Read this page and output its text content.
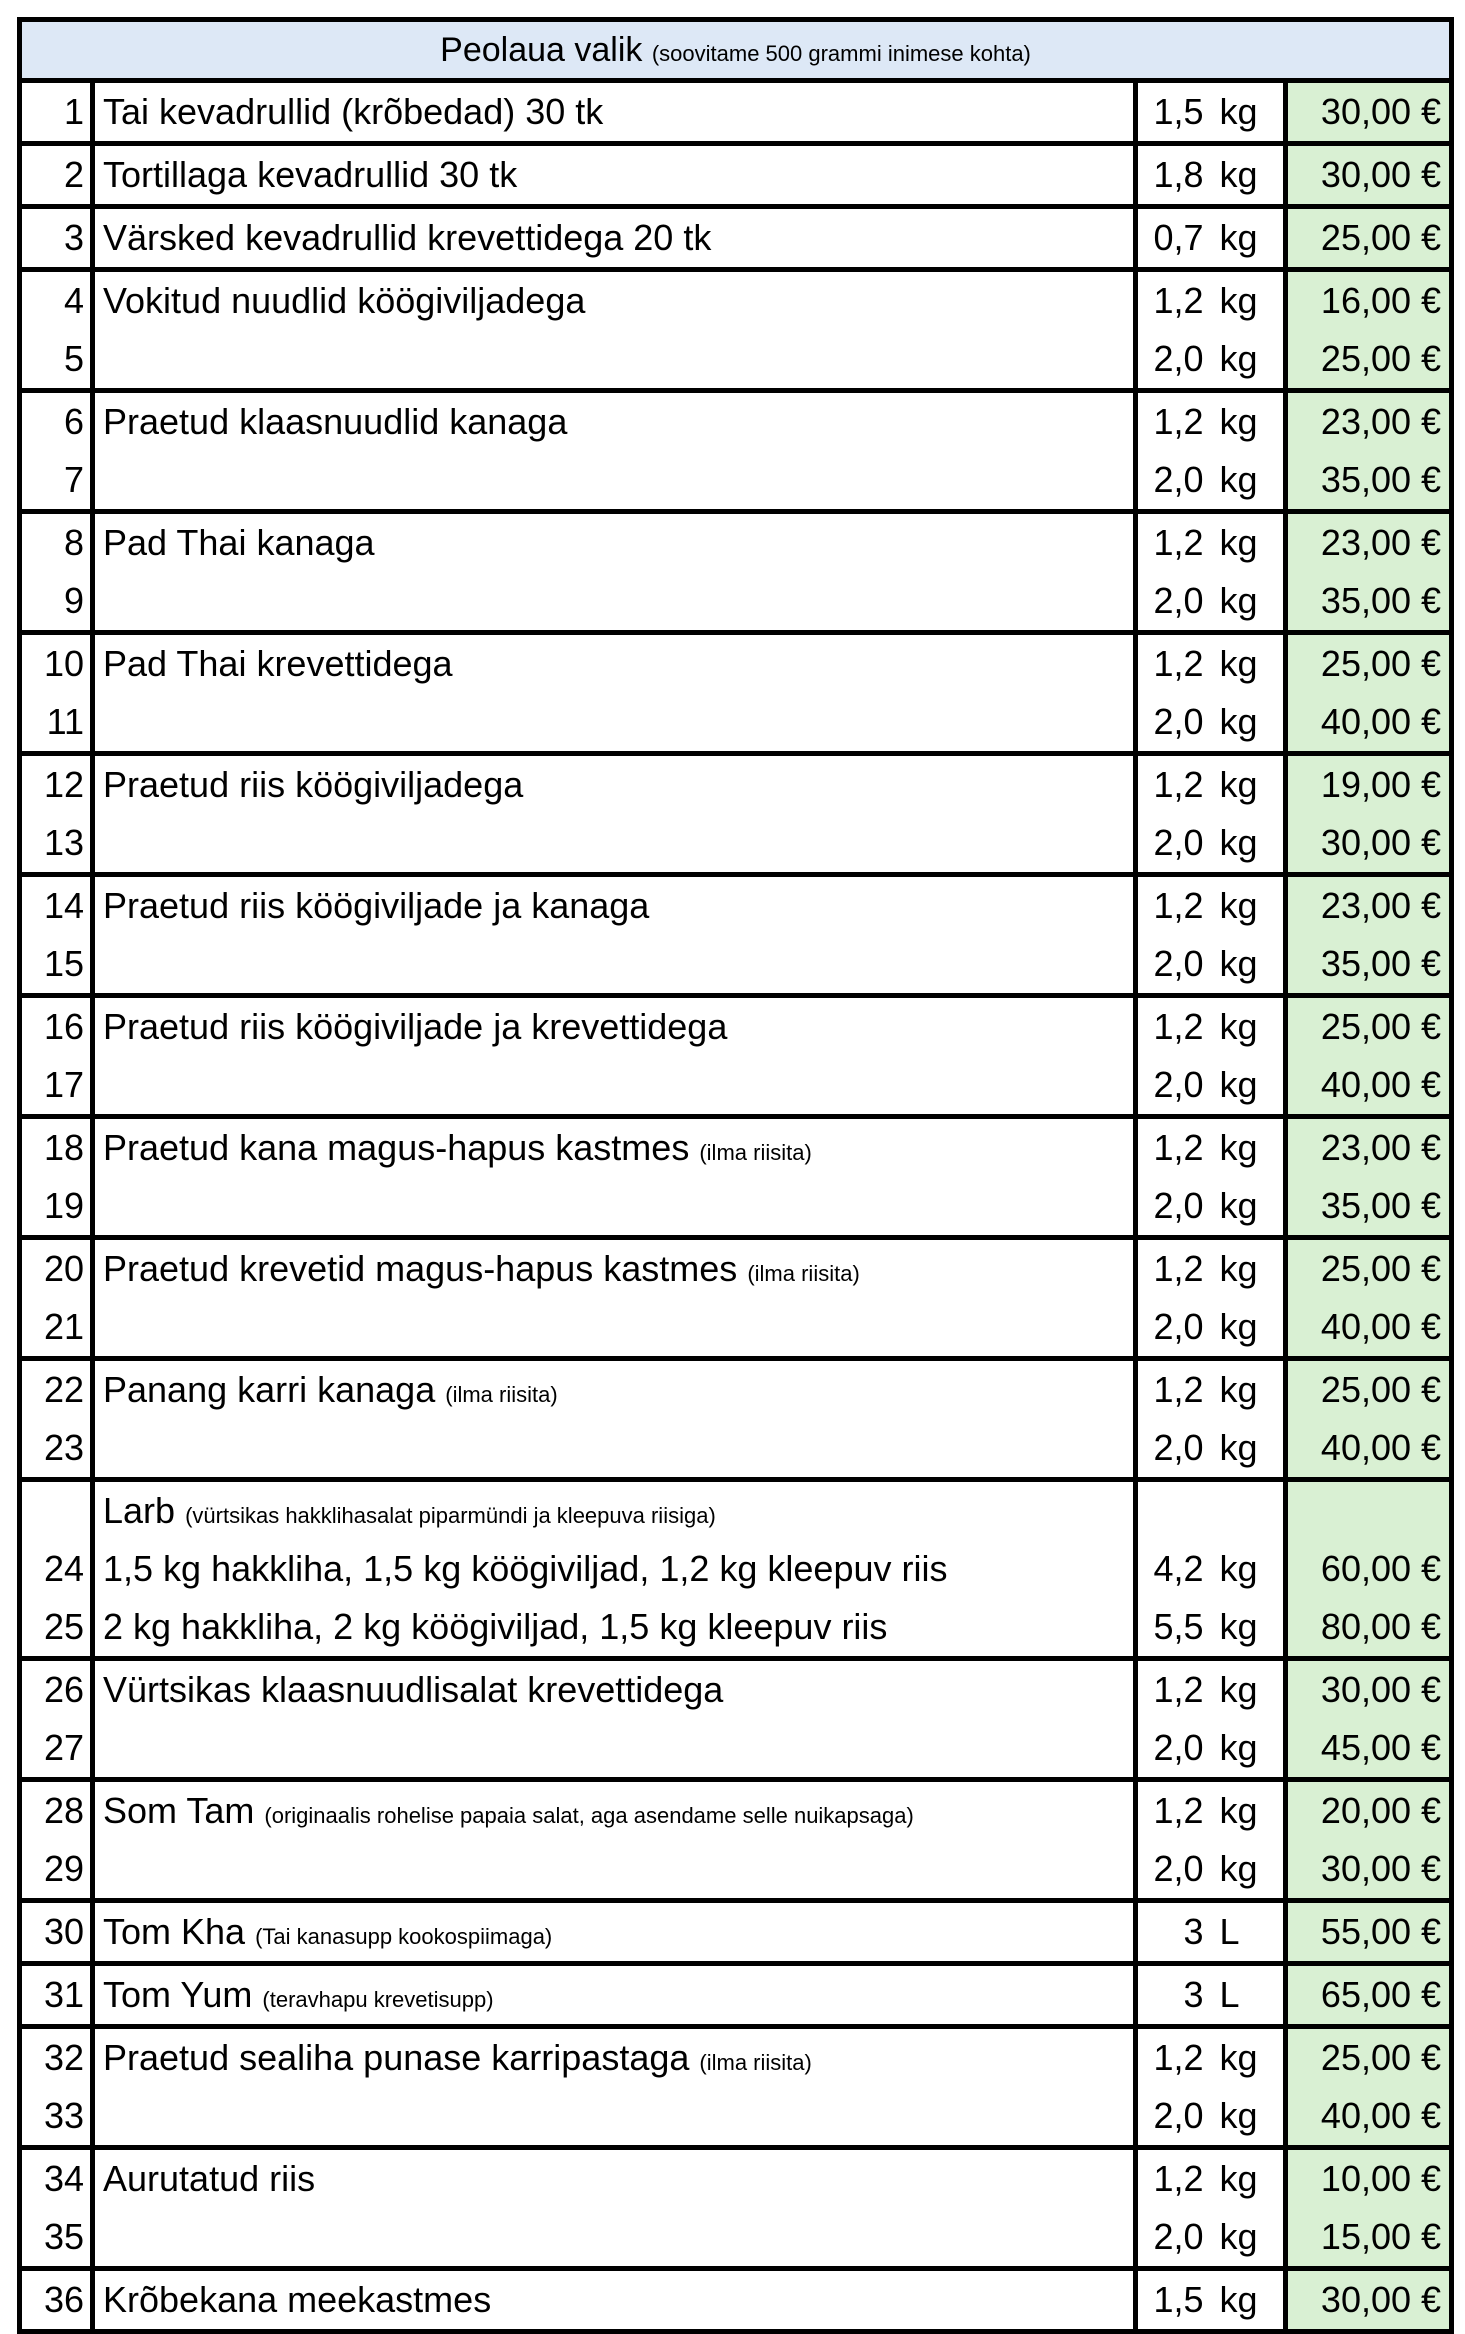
Peolaua valik (soovitame 500 grammi inimese kohta)				
1	Tai kevadrullid (krõbedad) 30 tk	1,5	kg	30,00 €
2	Tortillaga kevadrullid 30 tk	1,8	kg	30,00 €
3	Värsked kevadrullid krevettidega 20 tk	0,7	kg	25,00 €
4	Vokitud nuudlid köögiviljadega	1,2	kg	16,00 €
5		2,0	kg	25,00 €
6	Praetud klaasnuudlid kanaga	1,2	kg	23,00 €
7		2,0	kg	35,00 €
8	Pad Thai kanaga	1,2	kg	23,00 €
9		2,0	kg	35,00 €
10	Pad Thai krevettidega	1,2	kg	25,00 €
11		2,0	kg	40,00 €
12	Praetud riis köögiviljadega	1,2	kg	19,00 €
13		2,0	kg	30,00 €
14	Praetud riis köögiviljade ja kanaga	1,2	kg	23,00 €
15		2,0	kg	35,00 €
16	Praetud riis köögiviljade ja krevettidega	1,2	kg	25,00 €
17		2,0	kg	40,00 €
18	Praetud kana magus-hapus kastmes (ilma riisita)	1,2	kg	23,00 €
19		2,0	kg	35,00 €
20	Praetud krevetid magus-hapus kastmes (ilma riisita)	1,2	kg	25,00 €
21		2,0	kg	40,00 €
22	Panang karri kanaga (ilma riisita)	1,2	kg	25,00 €
23		2,0	kg	40,00 €
	Larb (vürtsikas hakklihasalat piparmündi ja kleepuva riisiga)			
24	1,5 kg hakkliha, 1,5 kg köögiviljad, 1,2 kg kleepuv riis	4,2	kg	60,00 €
25	2 kg hakkliha, 2 kg köögiviljad, 1,5 kg kleepuv riis	5,5	kg	80,00 €
26	Vürtsikas klaasnuudlisalat krevettidega	1,2	kg	30,00 €
27		2,0	kg	45,00 €
28	Som Tam (originaalis rohelise papaia salat, aga asendame selle nuikapsaga)	1,2	kg	20,00 €
29		2,0	kg	30,00 €
30	Tom Kha (Tai kanasupp kookospiimaga)	3	L	55,00 €
31	Tom Yum (teravhapu krevetisupp)	3	L	65,00 €
32	Praetud sealiha punase karripastaga (ilma riisita)	1,2	kg	25,00 €
33		2,0	kg	40,00 €
34	Aurutatud riis	1,2	kg	10,00 €
35		2,0	kg	15,00 €
36	Krõbekana meekastmes	1,5	kg	30,00 €
